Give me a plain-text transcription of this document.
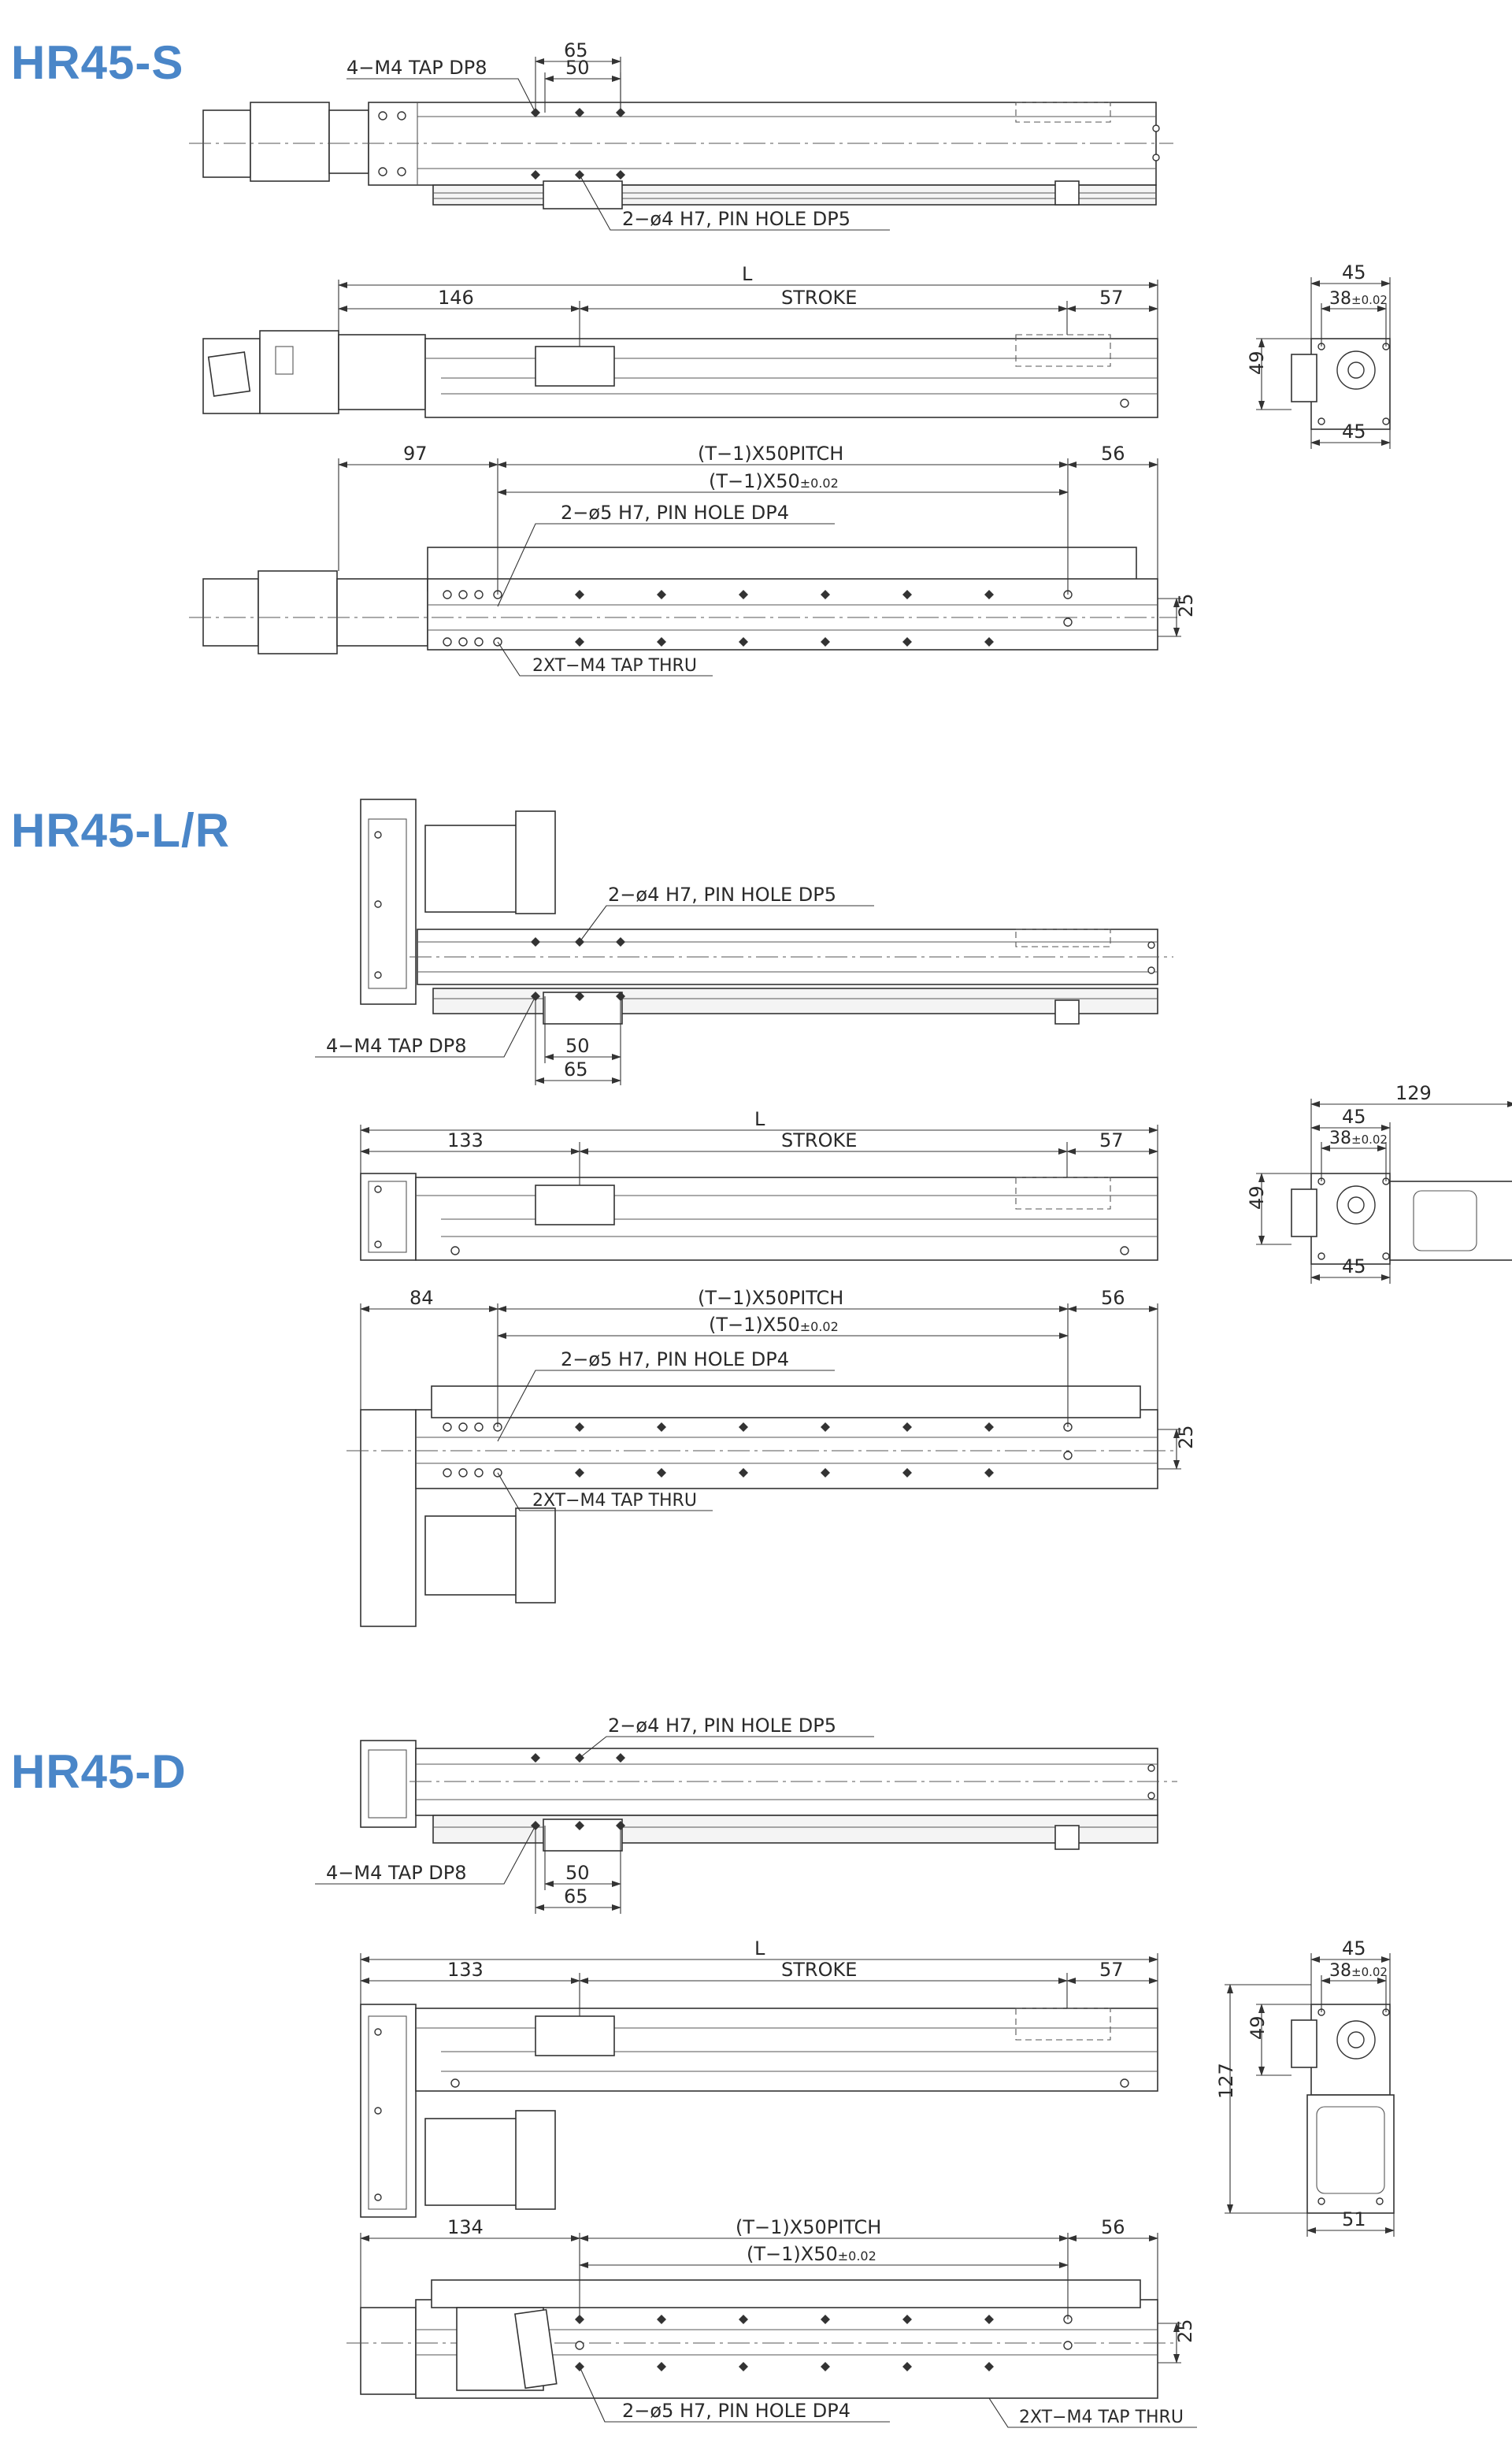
HR45-S
HR45-L/R
HR45-D
65
50
4−M4 TAP DP8
2−ø4 H7, PIN HOLE DP5
L
146	STROKE	57
45
38±0.02
45
49
97	(T−1)X50PITCH
(T−1)X50±0.02
56
2−ø5 H7, PIN HOLE DP4
2XT−M4 TAP THRU
25
2−ø4 H7, PIN HOLE DP5
4−M4 TAP DP8	50
65
L
133	STROKE	57
129
45
38±0.02
45
49
84	(T−1)X50PITCH
(T−1)X50±0.02
56
2−ø5 H7, PIN HOLE DP4
2XT−M4 TAP THRU
25
2−ø4 H7, PIN HOLE DP5
4−M4 TAP DP8	50
65
L
133	STROKE	57
45
38±0.02
49
127
51
134	(T−1)X50PITCH
(T−1)X50±0.02
56
2−ø5 H7, PIN HOLE DP4	2XT−M4 TAP THRU
25
